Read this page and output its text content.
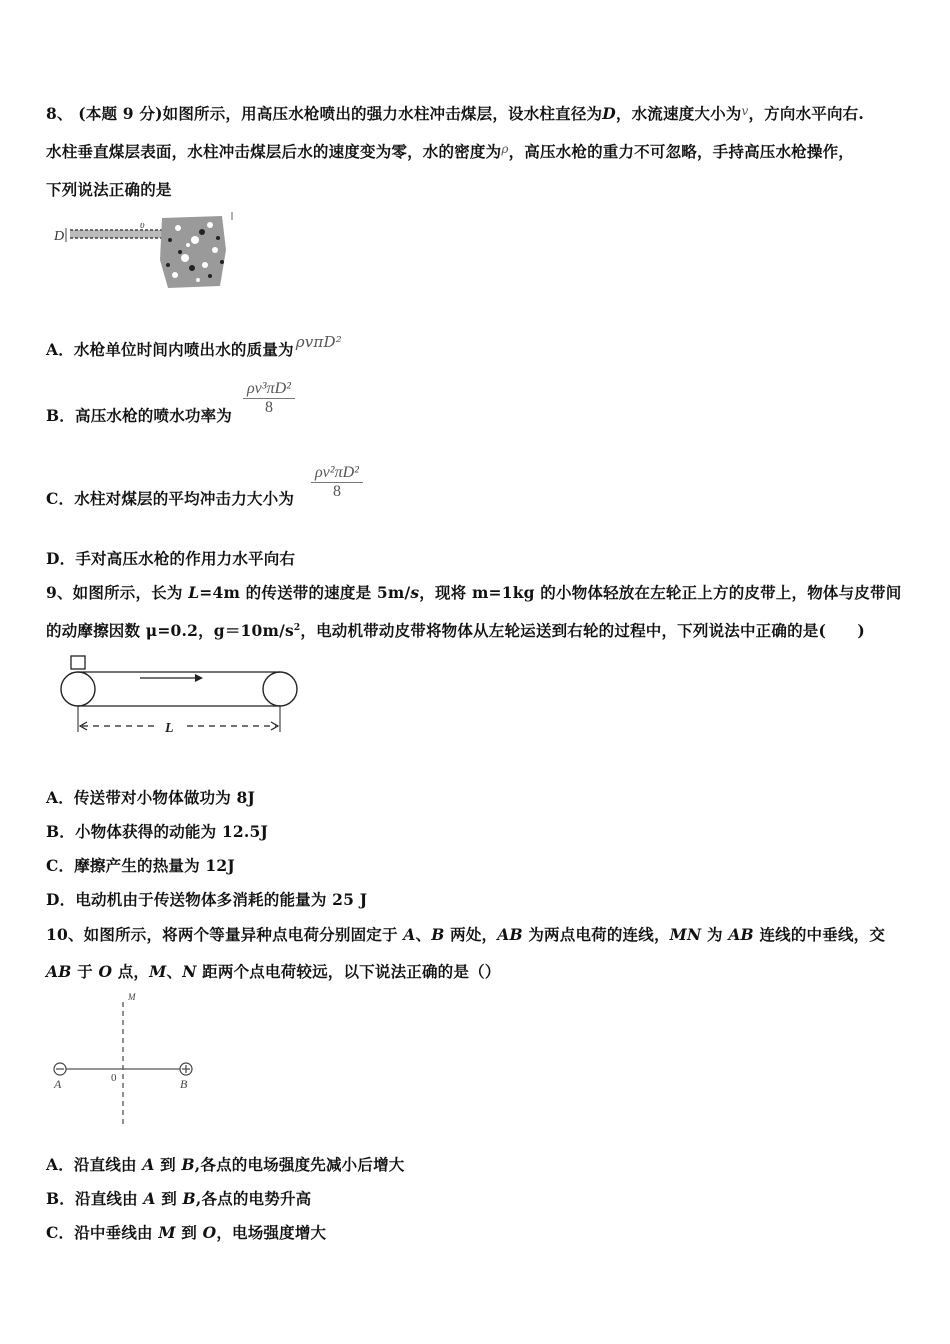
8、 (本题 9 分)如图所示，用高压水枪喷出的强力水柱冲击煤层，设水柱直径为D，水流速度大小为$^v$，方向水平向右.
水柱垂直煤层表面，水柱冲击煤层后水的速度变为零，水的密度为$^\rho$，高压水枪的重力不可忽略，手持高压水枪操作，
下列说法正确的是
D
υ
A．水枪单位时间内喷出水的质量为 ρvπD²
B．高压水枪的喷水功率为 $\frac{\text{ρv³πD²}}{8}$
C．水柱对煤层的平均冲击力大小为 $\frac{\text{ρv²πD²}}{8}$
D．手对高压水枪的作用力水平向右
9、如图所示，长为 L=4m 的传送带的速度是 5m/s，现将 m=1kg 的小物体轻放在左轮正上方的皮带上，物体与皮带间
的动摩擦因数 μ=0.2，$g=10m/s^2$，电动机带动皮带将物体从左轮运送到右轮的过程中，下列说法中正确的是(　　)
L
A．传送带对小物体做功为 8J
B．小物体获得的动能为 12.5J
C．摩擦产生的热量为 12J
D．电动机由于传送物体多消耗的能量为 25 J
10、如图所示，将两个等量异种点电荷分别固定于 A、B 两处，AB 为两点电荷的连线，MN 为 AB 连线的中垂线，交
AB 于 O 点，M、N 距两个点电荷较远，以下说法正确的是（）
M
0
A	B
A．沿直线由 A 到 B,各点的电场强度先减小后增大
B．沿直线由 A 到 B,各点的电势升高
C．沿中垂线由 M 到 O，电场强度增大
